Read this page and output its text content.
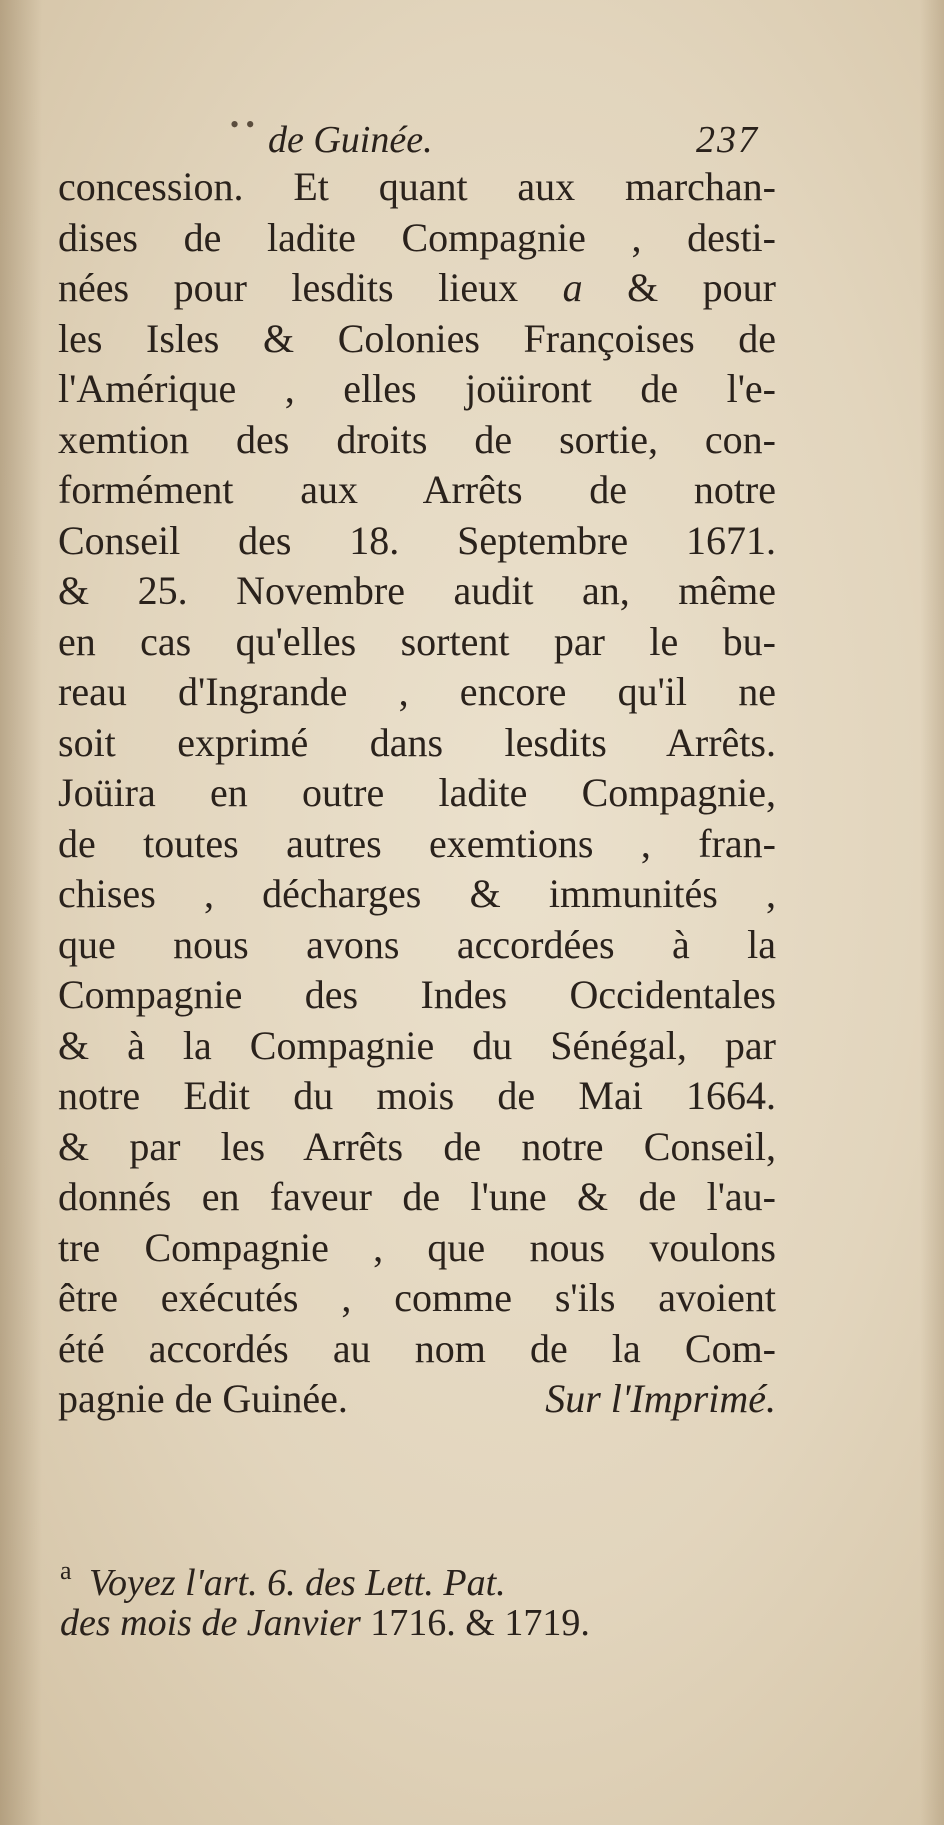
• • de Guinée.	237
concession. Et quant aux marchan-
dises de ladite Compagnie , desti-
nées pour lesdits lieux a & pour
les Isles & Colonies Françoises de
l'Amérique , elles joüiront de l'e-
xemtion des droits de sortie, con-
formément aux Arrêts de notre
Conseil des 18. Septembre 1671.
& 25. Novembre audit an, même
en cas qu'elles sortent par le bu-
reau d'Ingrande , encore qu'il ne
soit exprimé dans lesdits Arrêts.
Joüira en outre ladite Compagnie,
de toutes autres exemtions , fran-
chises , décharges & immunités ,
que nous avons accordées à la
Compagnie des Indes Occidentales
& à la Compagnie du Sénégal, par
notre Edit du mois de Mai 1664.
& par les Arrêts de notre Conseil,
donnés en faveur de l'une & de l'au-
tre Compagnie , que nous voulons
être exécutés , comme s'ils avoient
été accordés au nom de la Com-
pagnie de Guinée.	Sur l'Imprimé.
$^a$ Voyez l'art. 6. des Lett. Pat.
des mois de Janvier 1716. & 1719.
